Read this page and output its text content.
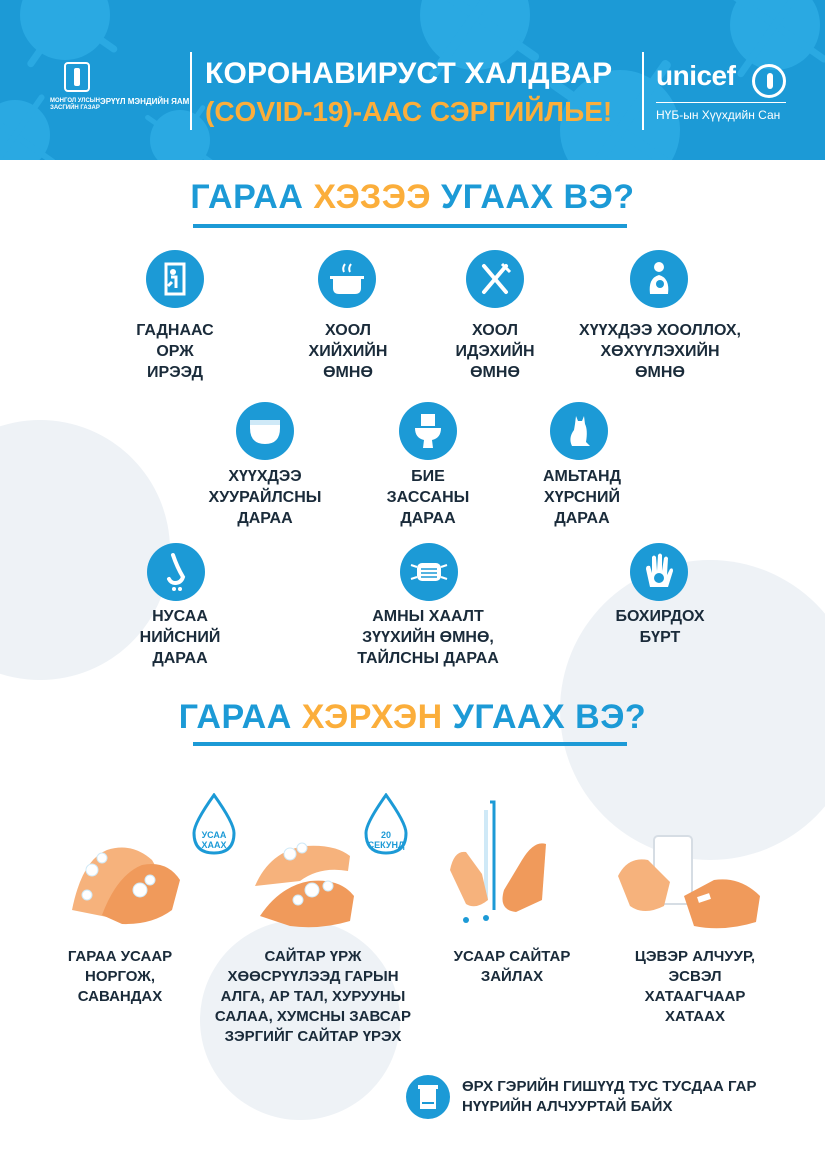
МОНГОЛ УЛСЫН ЗАСГИЙН ГАЗАР
ЭРҮҮЛ МЭНДИЙН ЯАМ
КОРОНАВИРУСТ ХАЛДВАР
(COVID-19)-ААС СЭРГИЙЛЬЕ!
unicef
НҮБ-ын Хүүхдийн Сан
ГАРАА ХЭЗЭЭ УГААХ ВЭ?
ГАДНААС
ОРЖ
ИРЭЭД
ХООЛ
ХИЙХИЙН
ӨМНӨ
ХООЛ
ИДЭХИЙН
ӨМНӨ
ХҮҮХДЭЭ ХООЛЛОХ,
ХӨХҮҮЛЭХИЙН
ӨМНӨ
ХҮҮХДЭЭ
ХУУРАЙЛСНЫ
ДАРАА
БИЕ
ЗАССАНЫ
ДАРАА
АМЬТАНД
ХҮРСНИЙ
ДАРАА
НУСАА
НИЙСНИЙ ДАРАА
АМНЫ ХААЛТ
ЗҮҮХИЙН ӨМНӨ,
ТАЙЛСНЫ ДАРАА
БОХИРДОХ
БҮРТ
ГАРАА ХЭРХЭН УГААХ ВЭ?
УСАА
ХААХ
20
СЕКУНД
ГАРАА УСААР
НОРГОЖ,
САВАНДАХ
САЙТАР ҮРЖ
ХӨӨСРҮҮЛЭЭД ГАРЫН
АЛГА, АР ТАЛ, ХУРУУНЫ
САЛАА, ХУМСНЫ ЗАВСАР
ЗЭРГИЙГ САЙТАР ҮРЭХ
УСААР САЙТАР
ЗАЙЛАХ
ЦЭВЭР АЛЧУУР,
ЭСВЭЛ
ХАТААГЧААР
ХАТААХ
ӨРХ ГЭРИЙН ГИШҮҮД ТУС ТУСДАА ГАР
НҮҮРИЙН АЛЧУУРТАЙ БАЙХ
